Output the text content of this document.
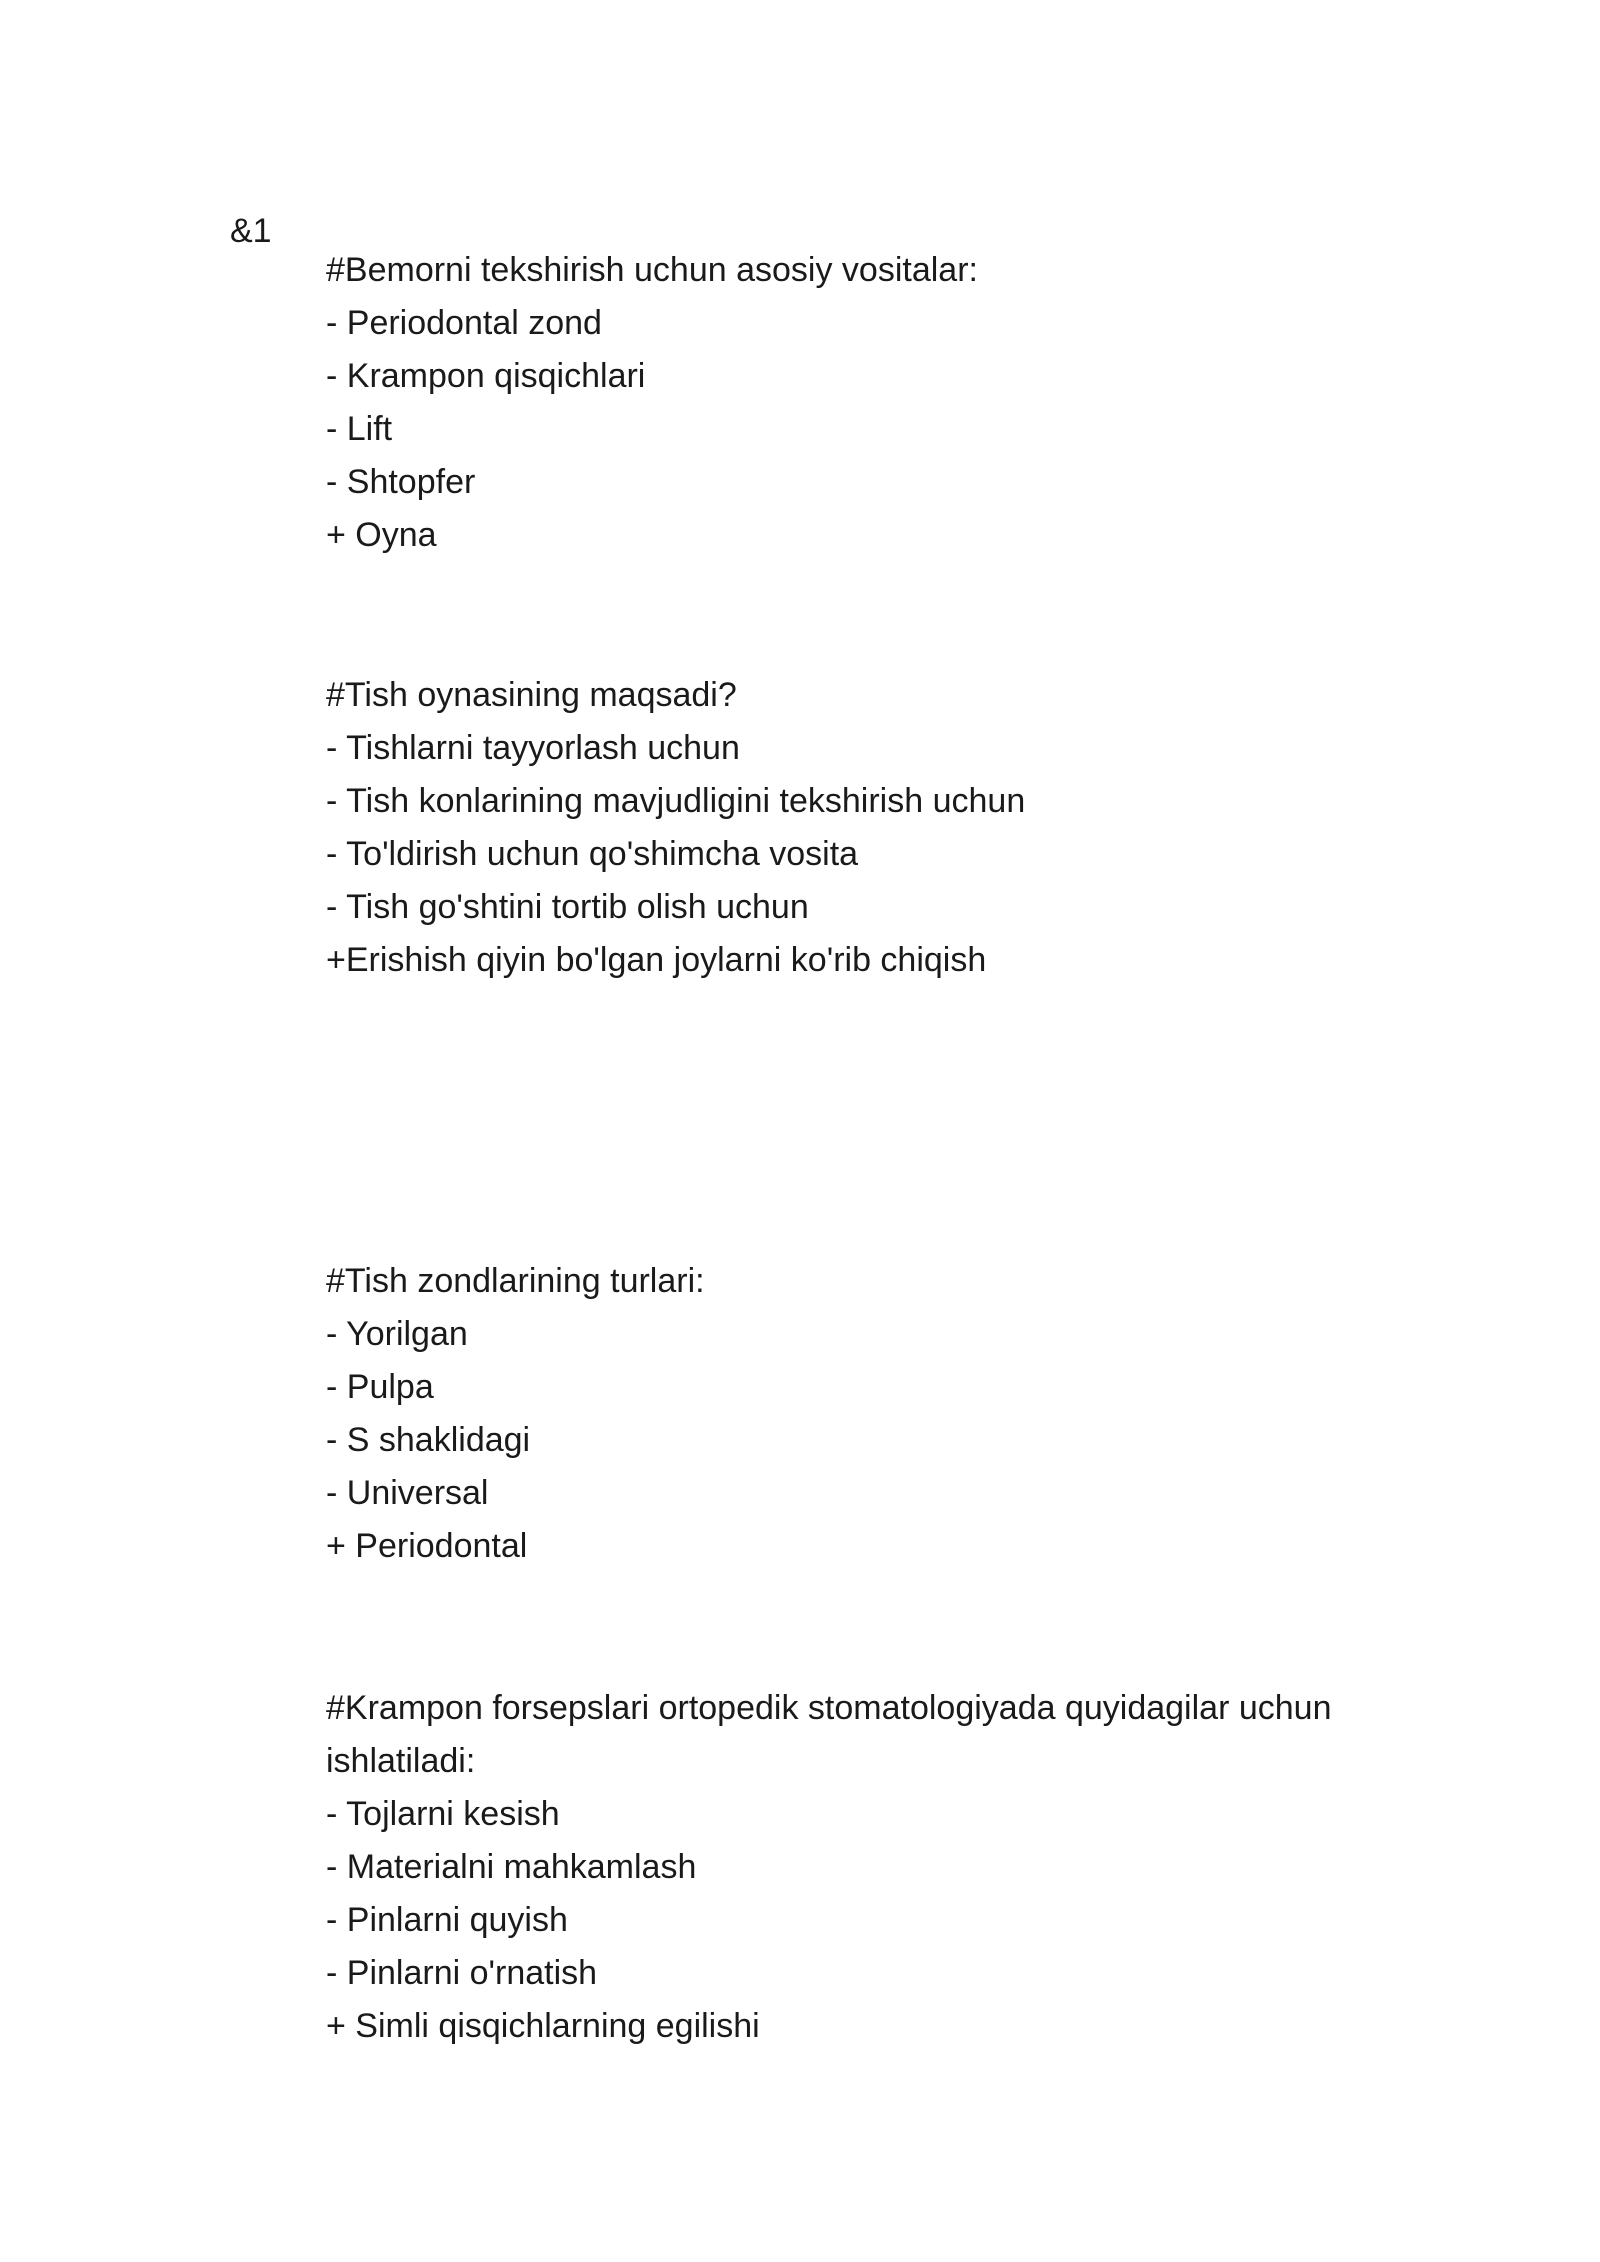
&1
#Bemorni tekshirish uchun asosiy vositalar:
- Periodontal zond
- Krampon qisqichlari
- Lift
- Shtopfer
+ Oyna
#Tish oynasining maqsadi?
- Tishlarni tayyorlash uchun
- Tish konlarining mavjudligini tekshirish uchun
- To'ldirish uchun qo'shimcha vosita
- Tish go'shtini tortib olish uchun
+Erishish qiyin bo'lgan joylarni ko'rib chiqish
#Tish zondlarining turlari:
- Yorilgan
- Pulpa
- S shaklidagi
- Universal
+ Periodontal
#Krampon forsepslari ortopedik stomatologiyada quyidagilar uchun ishlatiladi:
- Tojlarni kesish
- Materialni mahkamlash
- Pinlarni quyish
- Pinlarni o'rnatish
+ Simli qisqichlarning egilishi
